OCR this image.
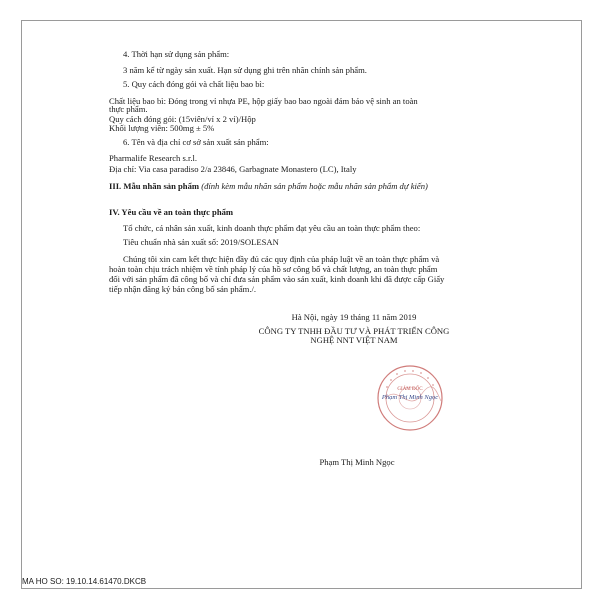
4. Thời hạn sử dụng sản phẩm:
3 năm kể từ ngày sản xuất. Hạn sử dụng ghi trên nhãn chính sản phẩm.
5. Quy cách đóng gói và chất liệu bao bì:
Chất liệu bao bì: Đóng trong vỉ nhựa PE, hộp giấy bao bao ngoài đảm bảo vệ sinh an toàn
thực phẩm.
Quy cách đóng gói: (15viên/vỉ x 2 vỉ)/Hộp
Khối lượng viên: 500mg ± 5%
6. Tên và địa chỉ cơ sở sản xuất sản phẩm:
Pharmalife Research s.r.l.
Địa chỉ: Via casa paradiso 2/a 23846, Garbagnate Monastero (LC), Italy
III. Mẫu nhãn sản phẩm (đính kèm mẫu nhãn sản phẩm hoặc mẫu nhãn sản phẩm dự kiến)
IV. Yêu cầu về an toàn thực phẩm
Tổ chức, cá nhân sản xuất, kinh doanh thực phẩm đạt yêu cầu an toàn thực phẩm theo:
Tiêu chuẩn nhà sản xuất số: 2019/SOLESAN
Chúng tôi xin cam kết thực hiện đầy đủ các quy định của pháp luật về an toàn thực phẩm và
hoàn toàn chịu trách nhiệm về tính pháp lý của hồ sơ công bố và chất lượng, an toàn thực phẩm
đối với sản phẩm đã công bố và chỉ đưa sản phẩm vào sản xuất, kinh doanh khi đã được cấp Giấy
tiếp nhận đăng ký bản công bố sản phẩm./.
Hà Nội, ngày 19 tháng 11 năm 2019
CÔNG TY TNHH ĐẦU TƯ VÀ PHÁT TRIỂN CÔNG
NGHỆ NNT VIỆT NAM
GIÁM ĐỐC
Phạm Thị Minh Ngọc
Phạm Thị Minh Ngọc
MA HO SO: 19.10.14.61470.DKCB
